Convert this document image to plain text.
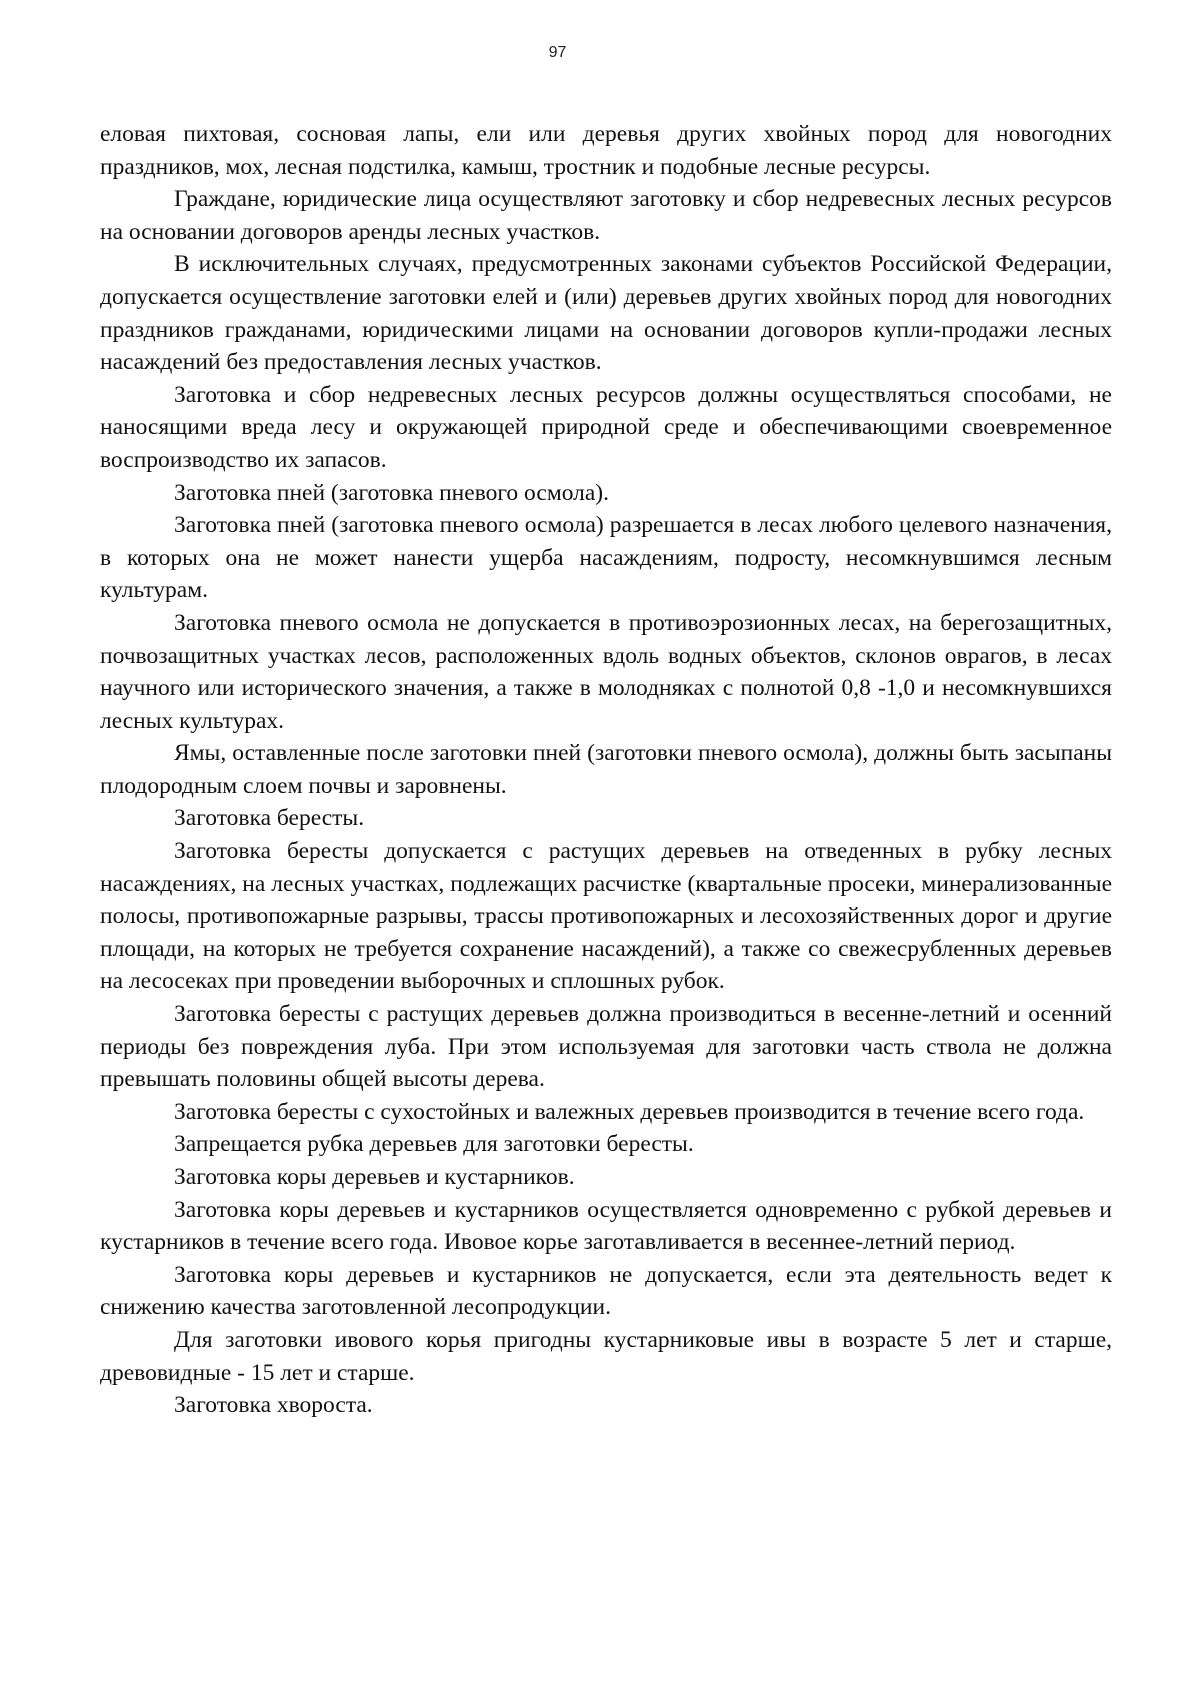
97

еловая пихтовая, сосновая лапы, ели или деревья других хвойных пород для новогодних праздников, мох, лесная подстилка, камыш, тростник и подобные лесные ресурсы.

Граждане, юридические лица осуществляют заготовку и сбор недревесных лесных ресурсов на основании договоров аренды лесных участков.

В исключительных случаях, предусмотренных законами субъектов Российской Федерации, допускается осуществление заготовки елей и (или) деревьев других хвойных пород для новогодних праздников гражданами, юридическими лицами на основании договоров купли-продажи лесных насаждений без предоставления лесных участков.

Заготовка и сбор недревесных лесных ресурсов должны осуществляться способами, не наносящими вреда лесу и окружающей природной среде и обеспечивающими своевременное воспроизводство их запасов.

Заготовка пней (заготовка пневого осмола).

Заготовка пней (заготовка пневого осмола) разрешается в лесах любого целевого назначения, в которых она не может нанести ущерба насаждениям, подросту, несомкнувшимся лесным культурам.

Заготовка пневого осмола не допускается в противоэрозионных лесах, на берегозащитных, почвозащитных участках лесов, расположенных вдоль водных объектов, склонов оврагов, в лесах научного или исторического значения, а также в молодняках с полнотой 0,8 -1,0 и несомкнувшихся лесных культурах.

Ямы, оставленные после заготовки пней (заготовки пневого осмола), должны быть засыпаны плодородным слоем почвы и заровнены.

Заготовка бересты.

Заготовка бересты допускается с растущих деревьев на отведенных в рубку лесных насаждениях, на лесных участках, подлежащих расчистке (квартальные просеки, минерализованные полосы, противопожарные разрывы, трассы противопожарных и лесохозяйственных дорог и другие площади, на которых не требуется сохранение насаждений), а также со свежесрубленных деревьев на лесосеках при проведении выборочных и сплошных рубок.

Заготовка бересты с растущих деревьев должна производиться в весенне-летний и осенний периоды без повреждения луба. При этом используемая для заготовки часть ствола не должна превышать половины общей высоты дерева.

Заготовка бересты с сухостойных и валежных деревьев производится в течение всего года.

Запрещается рубка деревьев для заготовки бересты.

Заготовка коры деревьев и кустарников.

Заготовка коры деревьев и кустарников осуществляется одновременно с рубкой деревьев и кустарников в течение всего года. Ивовое корье заготавливается в весеннее-летний период.

Заготовка коры деревьев и кустарников не допускается, если эта деятельность ведет к снижению качества заготовленной лесопродукции.

Для заготовки ивового корья пригодны кустарниковые ивы в возрасте 5 лет и старше, древовидные - 15 лет и старше.

Заготовка хвороста.
